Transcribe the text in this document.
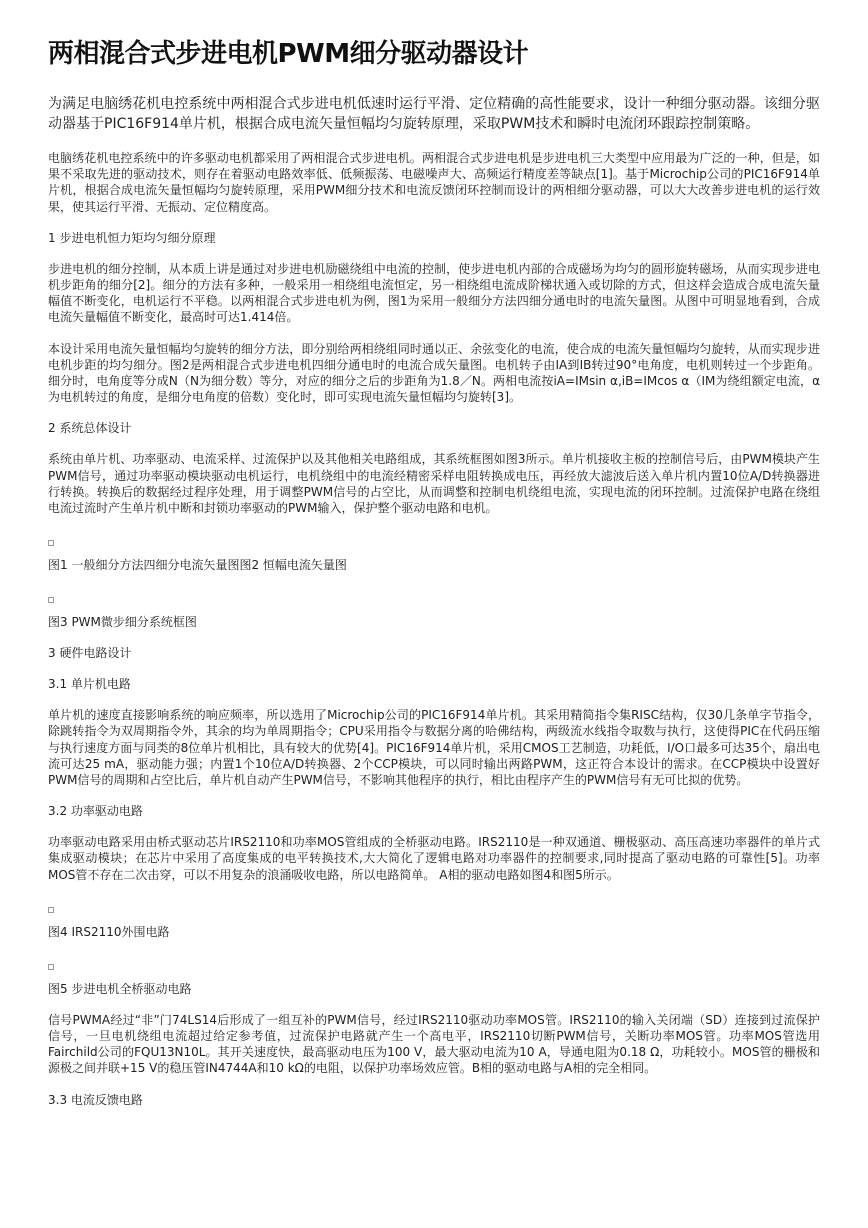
两相混合式步进电机PWM细分驱动器设计

为满足电脑绣花机电控系统中两相混合式步进电机低速时运行平滑、定位精确的高性能要求，设计一种细分驱动器。该细分驱动器基于PIC16F914单片机，根据合成电流矢量恒幅均匀旋转原理，采取PWM技术和瞬时电流闭环跟踪控制策略。

电脑绣花机电控系统中的许多驱动电机都采用了两相混合式步进电机。两相混合式步进电机是步进电机三大类型中应用最为广泛的一种，但是，如果不采取先进的驱动技术，则存在着驱动电路效率低、低频振荡、电磁噪声大、高频运行精度差等缺点[1]。基于Microchip公司的PIC16F914单片机，根据合成电流矢量恒幅均匀旋转原理，采用PWM细分技术和电流反馈闭环控制而设计的两相细分驱动器，可以大大改善步进电机的运行效果，使其运行平滑、无振动、定位精度高。

1 步进电机恒力矩均匀细分原理

步进电机的细分控制，从本质上讲是通过对步进电机励磁绕组中电流的控制，使步进电机内部的合成磁场为均匀的圆形旋转磁场，从而实现步进电机步距角的细分[2]。细分的方法有多种，一般采用一相绕组电流恒定，另一相绕组电流成阶梯状通入或切除的方式，但这样会造成合成电流矢量幅值不断变化，电机运行不平稳。以两相混合式步进电机为例，图1为采用一般细分方法四细分通电时的电流矢量图。从图中可明显地看到，合成电流矢量幅值不断变化，最高时可达1.414倍。

本设计采用电流矢量恒幅均匀旋转的细分方法，即分别给两相绕组同时通以正、余弦变化的电流，使合成的电流矢量恒幅均匀旋转，从而实现步进电机步距的均匀细分。图2是两相混合式步进电机四细分通电时的电流合成矢量图。电机转子由IA到IB转过90°电角度，电机则转过一个步距角。细分时，电角度等分成N（N为细分数）等分，对应的细分之后的步距角为1.8／N。两相电流按iA=IMsin α,iB=IMcos α（IM为绕组额定电流，α为电机转过的角度，是细分电角度的倍数）变化时，即可实现电流矢量恒幅均匀旋转[3]。

2 系统总体设计

系统由单片机、功率驱动、电流采样、过流保护以及其他相关电路组成，其系统框图如图3所示。单片机接收主板的控制信号后，由PWM模块产生PWM信号，通过功率驱动模块驱动电机运行，电机绕组中的电流经精密采样电阻转换成电压，再经放大滤波后送入单片机内置10位A/D转换器进行转换。转换后的数据经过程序处理，用于调整PWM信号的占空比，从而调整和控制电机绕组电流，实现电流的闭环控制。过流保护电路在绕组电流过流时产生单片机中断和封锁功率驱动的PWM输入，保护整个驱动电路和电机。

图1 一般细分方法四细分电流矢量图图2 恒幅电流矢量图
图3 PWM微步细分系统框图
3 硬件电路设计
3.1 单片机电路

单片机的速度直接影响系统的响应频率，所以选用了Microchip公司的PIC16F914单片机。其采用精简指令集RISC结构，仅30几条单字节指令，除跳转指令为双周期指令外，其余的均为单周期指令；CPU采用指令与数据分离的哈佛结构，两级流水线指令取数与执行，这使得PIC在代码压缩与执行速度方面与同类的8位单片机相比，具有较大的优势[4]。PIC16F914单片机，采用CMOS工艺制造，功耗低，I/O口最多可达35个，扇出电流可达25 mA，驱动能力强；内置1个10位A/D转换器、2个CCP模块，可以同时输出两路PWM，这正符合本设计的需求。在CCP模块中设置好PWM信号的周期和占空比后，单片机自动产生PWM信号，不影响其他程序的执行，相比由程序产生的PWM信号有无可比拟的优势。

3.2 功率驱动电路

功率驱动电路采用由桥式驱动芯片IRS2110和功率MOS管组成的全桥驱动电路。IRS2110是一种双通道、栅极驱动、高压高速功率器件的单片式集成驱动模块；在芯片中采用了高度集成的电平转换技术,大大简化了逻辑电路对功率器件的控制要求,同时提高了驱动电路的可靠性[5]。功率MOS管不存在二次击穿，可以不用复杂的浪涌吸收电路，所以电路简单。 A相的驱动电路如图4和图5所示。

图4 IRS2110外围电路
图5 步进电机全桥驱动电路

信号PWMA经过“非”门74LS14后形成了一组互补的PWM信号，经过IRS2110驱动功率MOS管。IRS2110的输入关闭端（SD）连接到过流保护信号，一旦电机绕组电流超过给定参考值，过流保护电路就产生一个高电平，IRS2110切断PWM信号，关断功率MOS管。功率MOS管选用Fairchild公司的FQU13N10L。其开关速度快，最高驱动电压为100 V，最大驱动电流为10 A，导通电阻为0.18 Ω，功耗较小。MOS管的栅极和源极之间并联+15 V的稳压管IN4744A和10 kΩ的电阻，以保护功率场效应管。B相的驱动电路与A相的完全相同。

3.3 电流反馈电路
